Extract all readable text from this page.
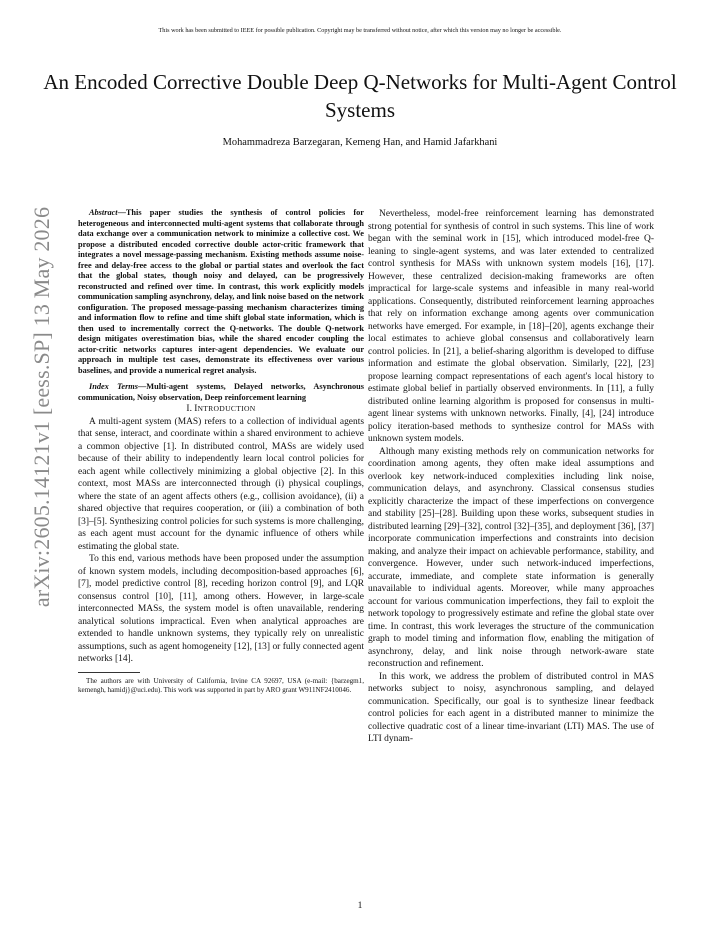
This work has been submitted to IEEE for possible publication. Copyright may be transferred without notice, after which this version may no longer be accessible.
An Encoded Corrective Double Deep Q-Networks for Multi-Agent Control Systems
Mohammadreza Barzegaran, Kemeng Han, and Hamid Jafarkhani
arXiv:2605.14121v1 [eess.SP] 13 May 2026	Abstract—This paper studies the synthesis of control policies for heterogeneous and interconnected multi-agent systems that collaborate through data exchange over a communication network to minimize a collective cost. We propose a distributed encoded corrective double actor-critic framework that integrates a novel message-passing mechanism. Existing methods assume noise-free and delay-free access to the global or partial states and overlook the fact that the global states, though noisy and delayed, can be progressively reconstructed and refined over time. In contrast, this work explicitly models communication sampling asynchrony, delay, and link noise based on the network configuration. The proposed message-passing mechanism characterizes timing and information flow to refine and time shift global state information, which is then used to incrementally correct the Q-networks. The double Q-network design mitigates overestimation bias, while the shared encoder coupling the actor-critic networks captures inter-agent dependencies. We evaluate our approach in multiple test cases, demonstrate its effectiveness over various baselines, and provide a numerical regret analysis.

Index Terms—Multi-agent systems, Delayed networks, Asynchronous communication, Noisy observation, Deep reinforcement learning

I. INTRODUCTION

A multi-agent system (MAS) refers to a collection of individual agents that sense, interact, and coordinate within a shared environment to achieve a common objective [1]. In distributed control, MASs are widely used because of their ability to independently learn local control policies for each agent while collectively minimizing a global objective [2]. In this context, most MASs are interconnected through (i) physical couplings, where the state of an agent affects others (e.g., collision avoidance), (ii) a shared objective that requires cooperation, or (iii) a combination of both [3]–[5]. Synthesizing control policies for such systems is more challenging, as each agent must account for the dynamic influence of others while estimating the global state.

To this end, various methods have been proposed under the assumption of known system models, including decomposition-based approaches [6], [7], model predictive control [8], receding horizon control [9], and LQR consensus control [10], [11], among others. However, in large-scale interconnected MASs, the system model is often unavailable, rendering analytical solutions impractical. Even when analytical approaches are extended to handle unknown systems, they typically rely on unrealistic assumptions, such as agent homogeneity [12], [13] or fully connected agent networks [14].

The authors are with University of California, Irvine CA 92697, USA (e-mail: {barzegm1, kemengh, hamidj}@uci.edu). This work was supported in part by ARO grant W911NF2410046.

Nevertheless, model-free reinforcement learning has demonstrated strong potential for synthesis of control in such systems. This line of work began with the seminal work in [15], which introduced model-free Q-leaning to single-agent systems, and was later extended to centralized control synthesis for MASs with unknown system models [16], [17]. However, these centralized decision-making frameworks are often impractical for large-scale systems and infeasible in many real-world applications. Consequently, distributed reinforcement learning approaches that rely on information exchange among agents over communication networks have emerged. For example, in [18]–[20], agents exchange their local estimates to achieve global consensus and collaboratively learn control policies. In [21], a belief-sharing algorithm is developed to diffuse information and estimate the global observation. Similarly, [22], [23] propose learning compact representations of each agent's local history to estimate global belief in partially observed environments. In [11], a fully distributed online learning algorithm is proposed for consensus in multi-agent linear systems with unknown networks. Finally, [4], [24] introduce policy iteration-based methods to synthesize control for MASs with unknown system models.

Although many existing methods rely on communication networks for coordination among agents, they often make ideal assumptions and overlook key network-induced complexities including link noise, communication delays, and asynchrony. Classical consensus studies explicitly characterize the impact of these imperfections on convergence and stability [25]–[28]. Building upon these works, subsequent studies in distributed learning [29]–[32], control [32]–[35], and deployment [36], [37] incorporate communication imperfections and constraints into decision making, and analyze their impact on achievable performance, stability, and convergence. However, under such network-induced imperfections, accurate, immediate, and complete state information is generally unavailable to individual agents. Moreover, while many approaches account for various communication imperfections, they fail to exploit the network topology to progressively estimate and refine the global state over time. In contrast, this work leverages the structure of the communication graph to model timing and information flow, enabling the mitigation of asynchrony, delay, and link noise through network-aware state reconstruction and refinement.

In this work, we address the problem of distributed control in MAS networks subject to noisy, asynchronous sampling, and delayed communication. Specifically, our goal is to synthesize linear feedback control policies for each agent in a distributed manner to minimize the collective quadratic cost of a linear time-invariant (LTI) MAS. The use of LTI dynam-

1
